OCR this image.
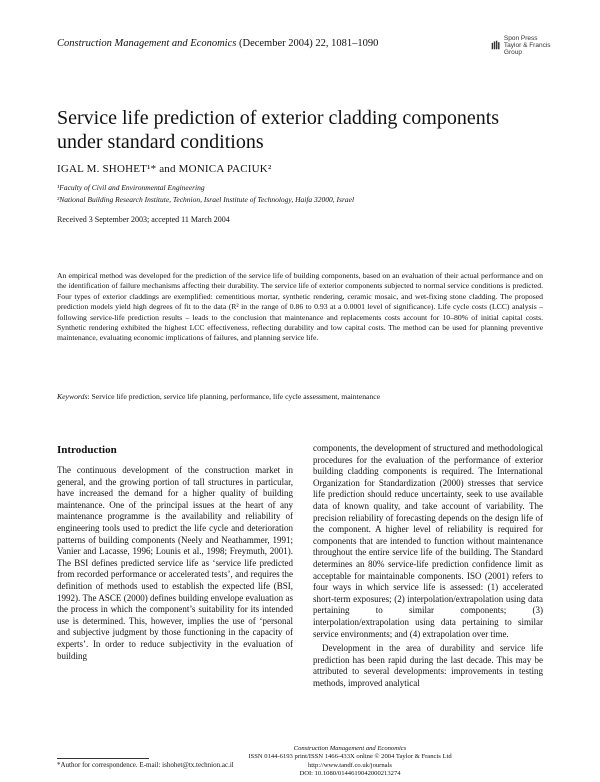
Construction Management and Economics (December 2004) 22, 1081–1090	Spon Press
Taylor & Francis Group
Service life prediction of exterior cladding components under standard conditions
IGAL M. SHOHET¹* and MONICA PACIUK²
¹Faculty of Civil and Environmental Engineering
²National Building Research Institute, Technion, Israel Institute of Technology, Haifa 32000, Israel
Received 3 September 2003; accepted 11 March 2004
An empirical method was developed for the prediction of the service life of building components, based on an evaluation of their actual performance and on the identification of failure mechanisms affecting their durability. The service life of exterior components subjected to normal service conditions is predicted. Four types of exterior claddings are exemplified: cementitious mortar, synthetic rendering, ceramic mosaic, and wet-fixing stone cladding. The proposed prediction models yield high degrees of fit to the data (R² in the range of 0.86 to 0.93 at a 0.0001 level of significance). Life cycle costs (LCC) analysis – following service-life prediction results – leads to the conclusion that maintenance and replacements costs account for 10–80% of initial capital costs. Synthetic rendering exhibited the highest LCC effectiveness, reflecting durability and low capital costs. The method can be used for planning preventive maintenance, evaluating economic implications of failures, and planning service life.
Keywords: Service life prediction, service life planning, performance, life cycle assessment, maintenance
Introduction

The continuous development of the construction market in general, and the growing portion of tall structures in particular, have increased the demand for a higher quality of building maintenance. One of the principal issues at the heart of any maintenance programme is the availability and reliability of engineering tools used to predict the life cycle and deterioration patterns of building components (Neely and Neathammer, 1991; Vanier and Lacasse, 1996; Lounis et al., 1998; Freymuth, 2001). The BSI defines predicted service life as ‘service life predicted from recorded performance or accelerated tests’, and requires the definition of methods used to establish the expected life (BSI, 1992). The ASCE (2000) defines building envelope evaluation as the process in which the component’s suitability for its intended use is determined. This, however, implies the use of ‘personal and subjective judgment by those functioning in the capacity of experts’. In order to reduce subjectivity in the evaluation of building

components, the development of structured and methodological procedures for the evaluation of the performance of exterior building cladding components is required. The International Organization for Standardization (2000) stresses that service life prediction should reduce uncertainty, seek to use available data of known quality, and take account of variability. The precision reliability of forecasting depends on the design life of the component. A higher level of reliability is required for components that are intended to function without maintenance throughout the entire service life of the building. The Standard determines an 80% service-life prediction confidence limit as acceptable for maintainable components. ISO (2001) refers to four ways in which service life is assessed: (1) accelerated short-term exposures; (2) interpolation/extrapolation using data pertaining to similar components; (3) interpolation/extrapolation using data pertaining to similar service environments; and (4) extrapolation over time.

Development in the area of durability and service life prediction has been rapid during the last decade. This may be attributed to several developments: improvements in testing methods, improved analytical

*Author for correspondence. E-mail: ishohet@tx.technion.ac.il
Construction Management and Economics
ISSN 0144-6193 print/ISSN 1466-433X online © 2004 Taylor & Francis Ltd
http://www.tandf.co.uk/journals
DOI: 10.1080/0144619042000213274
